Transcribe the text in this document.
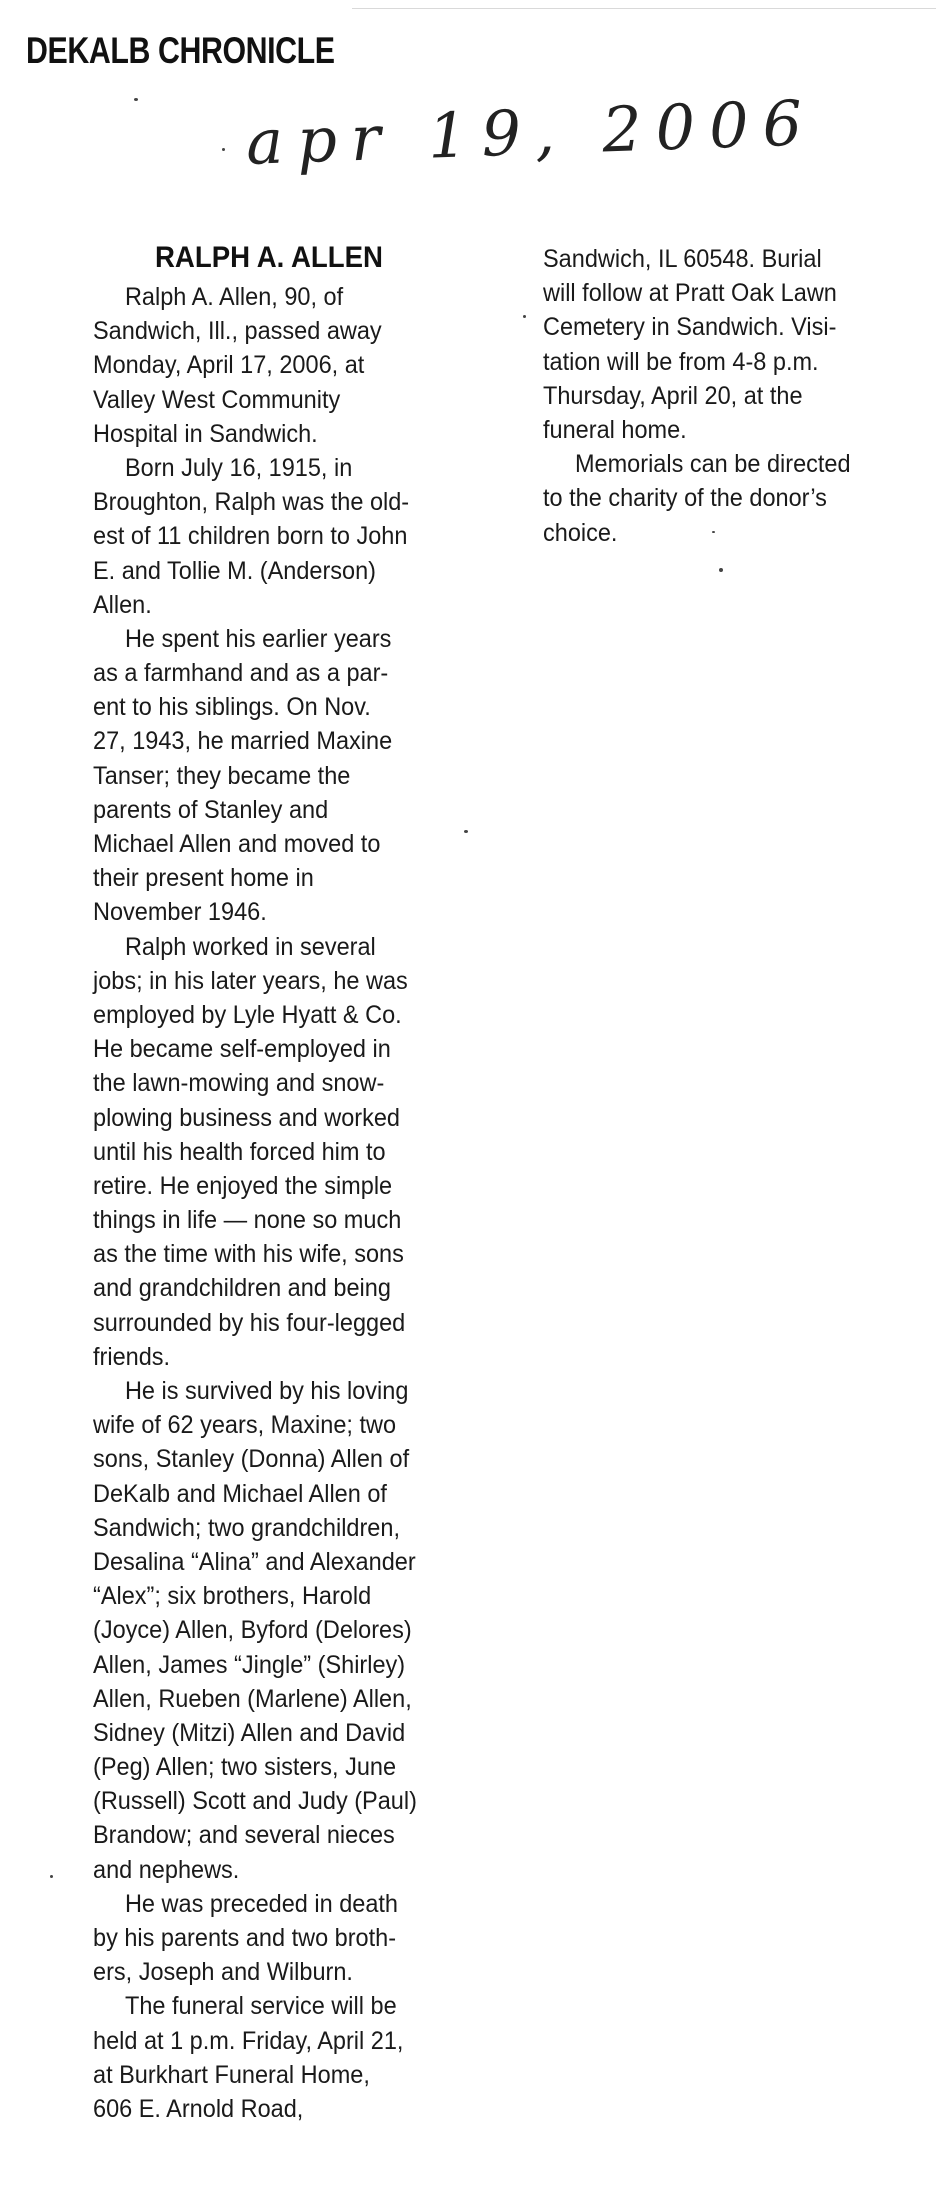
DEKALB CHRONICLE
apr 19, 2006
RALPH A. ALLEN
Ralph A. Allen, 90, of
Sandwich, Ill., passed away
Monday, April 17, 2006, at
Valley West Community
Hospital in Sandwich.
Born July 16, 1915, in
Broughton, Ralph was the old-
est of 11 children born to John
E. and Tollie M. (Anderson)
Allen.
He spent his earlier years
as a farmhand and as a par-
ent to his siblings. On Nov.
27, 1943, he married Maxine
Tanser; they became the
parents of Stanley and
Michael Allen and moved to
their present home in
November 1946.
Ralph worked in several
jobs; in his later years, he was
employed by Lyle Hyatt & Co.
He became self-employed in
the lawn-mowing and snow-
plowing business and worked
until his health forced him to
retire. He enjoyed the simple
things in life — none so much
as the time with his wife, sons
and grandchildren and being
surrounded by his four-legged
friends.
He is survived by his loving
wife of 62 years, Maxine; two
sons, Stanley (Donna) Allen of
DeKalb and Michael Allen of
Sandwich; two grandchildren,
Desalina “Alina” and Alexander
“Alex”; six brothers, Harold
(Joyce) Allen, Byford (Delores)
Allen, James “Jingle” (Shirley)
Allen, Rueben (Marlene) Allen,
Sidney (Mitzi) Allen and David
(Peg) Allen; two sisters, June
(Russell) Scott and Judy (Paul)
Brandow; and several nieces
and nephews.
He was preceded in death
by his parents and two broth-
ers, Joseph and Wilburn.
The funeral service will be
held at 1 p.m. Friday, April 21,
at Burkhart Funeral Home,
606 E. Arnold Road,
Sandwich, IL 60548. Burial
will follow at Pratt Oak Lawn
Cemetery in Sandwich. Visi-
tation will be from 4-8 p.m.
Thursday, April 20, at the
funeral home.
Memorials can be directed
to the charity of the donor’s
choice.
